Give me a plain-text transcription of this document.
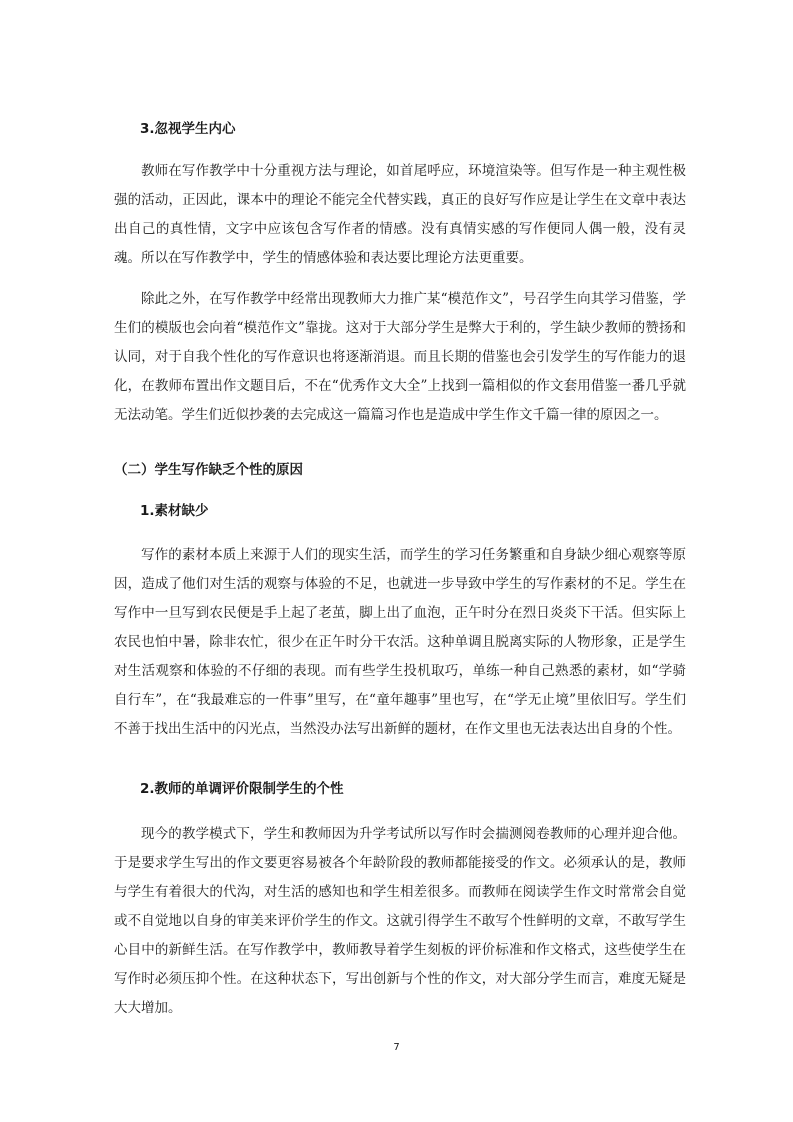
3.忽视学生内心

教师在写作教学中十分重视方法与理论，如首尾呼应，环境渲染等。但写作是一种主观性极强的活动，正因此，课本中的理论不能完全代替实践，真正的良好写作应是让学生在文章中表达出自己的真性情，文字中应该包含写作者的情感。没有真情实感的写作便同人偶一般，没有灵魂。所以在写作教学中，学生的情感体验和表达要比理论方法更重要。

除此之外，在写作教学中经常出现教师大力推广某“模范作文”，号召学生向其学习借鉴，学生们的模版也会向着“模范作文”靠拢。这对于大部分学生是弊大于利的，学生缺少教师的赞扬和认同，对于自我个性化的写作意识也将逐渐消退。而且长期的借鉴也会引发学生的写作能力的退化，在教师布置出作文题目后，不在“优秀作文大全”上找到一篇相似的作文套用借鉴一番几乎就无法动笔。学生们近似抄袭的去完成这一篇篇习作也是造成中学生作文千篇一律的原因之一。

（二）学生写作缺乏个性的原因
1.素材缺少

写作的素材本质上来源于人们的现实生活，而学生的学习任务繁重和自身缺少细心观察等原因，造成了他们对生活的观察与体验的不足，也就进一步导致中学生的写作素材的不足。学生在写作中一旦写到农民便是手上起了老茧，脚上出了血泡，正午时分在烈日炎炎下干活。但实际上农民也怕中暑，除非农忙，很少在正午时分干农活。这种单调且脱离实际的人物形象，正是学生对生活观察和体验的不仔细的表现。而有些学生投机取巧，单练一种自己熟悉的素材，如“学骑自行车”，在“我最难忘的一件事”里写，在“童年趣事”里也写，在“学无止境”里依旧写。学生们不善于找出生活中的闪光点，当然没办法写出新鲜的题材，在作文里也无法表达出自身的个性。

2.教师的单调评价限制学生的个性

现今的教学模式下，学生和教师因为升学考试所以写作时会揣测阅卷教师的心理并迎合他。于是要求学生写出的作文要更容易被各个年龄阶段的教师都能接受的作文。必须承认的是，教师与学生有着很大的代沟，对生活的感知也和学生相差很多。而教师在阅读学生作文时常常会自觉或不自觉地以自身的审美来评价学生的作文。这就引得学生不敢写个性鲜明的文章，不敢写学生心目中的新鲜生活。在写作教学中，教师教导着学生刻板的评价标准和作文格式，这些使学生在写作时必须压抑个性。在这种状态下，写出创新与个性的作文，对大部分学生而言，难度无疑是大大增加。

7
